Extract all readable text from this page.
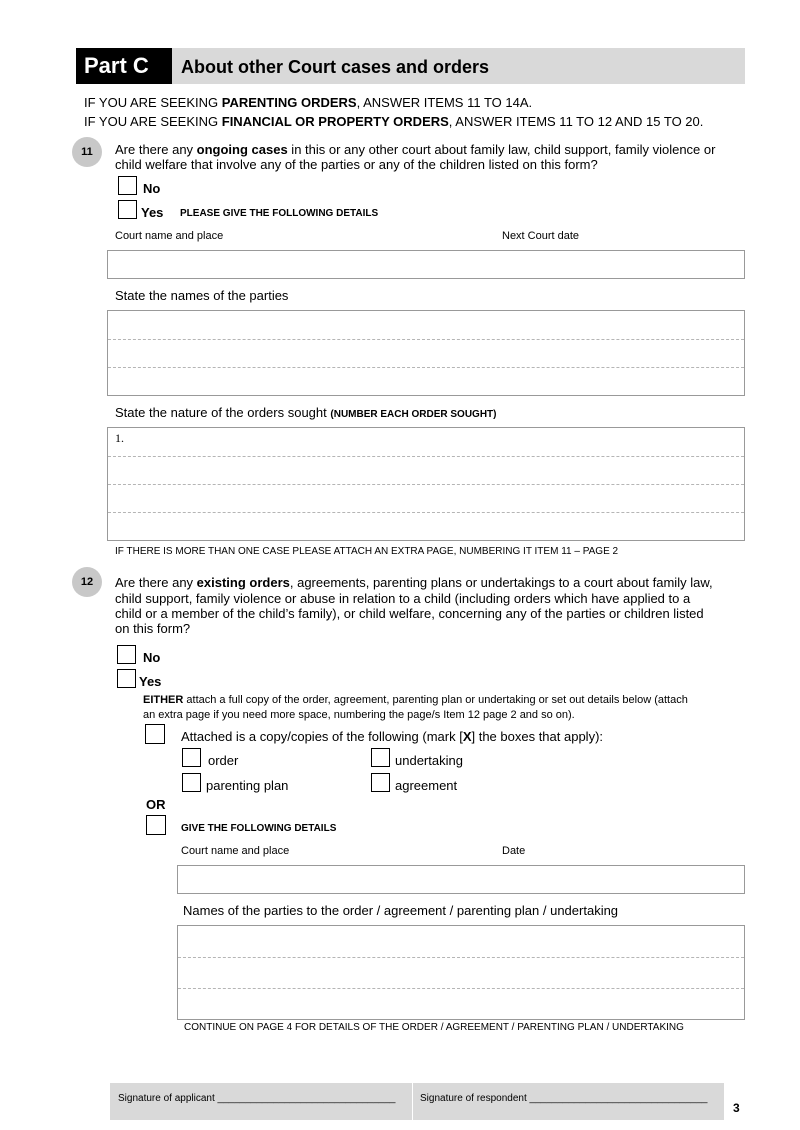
Part C	About other Court cases and orders
IF YOU ARE SEEKING PARENTING ORDERS, ANSWER ITEMS 11 TO 14A.
IF YOU ARE SEEKING FINANCIAL OR PROPERTY ORDERS, ANSWER ITEMS 11 TO 12 AND 15 TO 20.
11	Are there any ongoing cases in this or any other court about family law, child support, family violence or
child welfare that involve any of the parties or any of the children listed on this form?
No
Yes PLEASE GIVE THE FOLLOWING DETAILS
Court name and place	Next Court date
State the names of the parties
State the nature of the orders sought (NUMBER EACH ORDER SOUGHT)
1.
IF THERE IS MORE THAN ONE CASE PLEASE ATTACH AN EXTRA PAGE, NUMBERING IT ITEM 11 – PAGE 2
12	Are there any existing orders, agreements, parenting plans or undertakings to a court about family law,
child support, family violence or abuse in relation to a child (including orders which have applied to a
child or a member of the child’s family), or child welfare, concerning any of the parties or children listed
on this form?
No
Yes
EITHER attach a full copy of the order, agreement, parenting plan or undertaking or set out details below (attach
an extra page if you need more space, numbering the page/s Item 12 page 2 and so on).
Attached is a copy/copies of the following (mark [X] the boxes that apply):
order	undertaking
parenting plan	agreement
OR
GIVE THE FOLLOWING DETAILS
Court name and place	Date
Names of the parties to the order / agreement / parenting plan / undertaking
CONTINUE ON PAGE 4 FOR DETAILS OF THE ORDER / AGREEMENT / PARENTING PLAN / UNDERTAKING
Signature of applicant ________________________________ Signature of respondent ________________________________
3
